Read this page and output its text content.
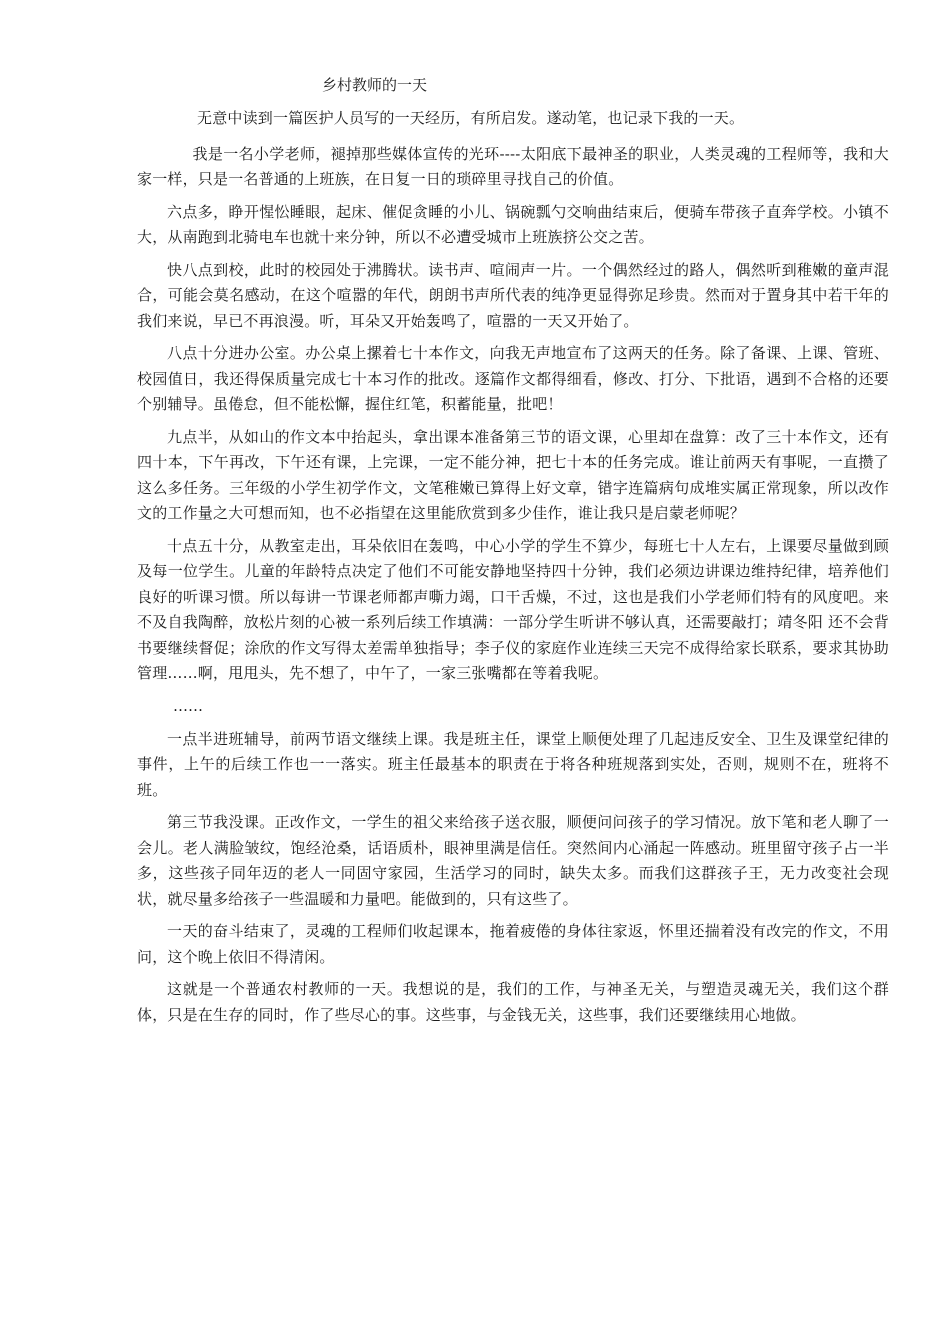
乡村教师的一天

无意中读到一篇医护人员写的一天经历，有所启发。遂动笔，也记录下我的一天。

我是一名小学老师，褪掉那些媒体宣传的光环----太阳底下最神圣的职业，人类灵魂的工程师等，我和大家一样，只是一名普通的上班族，在日复一日的琐碎里寻找自己的价值。

六点多，睁开惺忪睡眼，起床、催促贪睡的小儿、锅碗瓢勺交响曲结束后，便骑车带孩子直奔学校。小镇不大，从南跑到北骑电车也就十来分钟，所以不必遭受城市上班族挤公交之苦。

快八点到校，此时的校园处于沸腾状。读书声、喧闹声一片。一个偶然经过的路人，偶然听到稚嫩的童声混合，可能会莫名感动，在这个喧嚣的年代，朗朗书声所代表的纯净更显得弥足珍贵。然而对于置身其中若干年的我们来说，早已不再浪漫。听，耳朵又开始轰鸣了，喧嚣的一天又开始了。

八点十分进办公室。办公桌上摞着七十本作文，向我无声地宣布了这两天的任务。除了备课、上课、管班、校园值日，我还得保质量完成七十本习作的批改。逐篇作文都得细看，修改、打分、下批语，遇到不合格的还要个别辅导。虽倦怠，但不能松懈，握住红笔，积蓄能量，批吧！

九点半，从如山的作文本中抬起头，拿出课本准备第三节的语文课，心里却在盘算：改了三十本作文，还有四十本，下午再改，下午还有课，上完课，一定不能分神，把七十本的任务完成。谁让前两天有事呢，一直攒了这么多任务。三年级的小学生初学作文，文笔稚嫩已算得上好文章，错字连篇病句成堆实属正常现象，所以改作文的工作量之大可想而知，也不必指望在这里能欣赏到多少佳作，谁让我只是启蒙老师呢？

十点五十分，从教室走出，耳朵依旧在轰鸣，中心小学的学生不算少，每班七十人左右，上课要尽量做到顾及每一位学生。儿童的年龄特点决定了他们不可能安静地坚持四十分钟，我们必须边讲课边维持纪律，培养他们良好的听课习惯。所以每讲一节课老师都声嘶力竭，口干舌燥，不过，这也是我们小学老师们特有的风度吧。来不及自我陶醉，放松片刻的心被一系列后续工作填满：一部分学生听讲不够认真，还需要敲打；靖冬阳 还不会背书要继续督促；涂欣的作文写得太差需单独指导；李子仪的家庭作业连续三天完不成得给家长联系，要求其协助管理……啊，甩甩头，先不想了，中午了，一家三张嘴都在等着我呢。

……

一点半进班辅导，前两节语文继续上课。我是班主任，课堂上顺便处理了几起违反安全、卫生及课堂纪律的事件，上午的后续工作也一一落实。班主任最基本的职责在于将各种班规落到实处，否则，规则不在，班将不班。

第三节我没课。正改作文，一学生的祖父来给孩子送衣服，顺便问问孩子的学习情况。放下笔和老人聊了一会儿。老人满脸皱纹，饱经沧桑，话语质朴，眼神里满是信任。突然间内心涌起一阵感动。班里留守孩子占一半多，这些孩子同年迈的老人一同固守家园，生活学习的同时，缺失太多。而我们这群孩子王，无力改变社会现状，就尽量多给孩子一些温暖和力量吧。能做到的，只有这些了。

一天的奋斗结束了，灵魂的工程师们收起课本，拖着疲倦的身体往家返，怀里还揣着没有改完的作文，不用问，这个晚上依旧不得清闲。

这就是一个普通农村教师的一天。我想说的是，我们的工作，与神圣无关，与塑造灵魂无关，我们这个群体，只是在生存的同时，作了些尽心的事。这些事，与金钱无关，这些事，我们还要继续用心地做。
